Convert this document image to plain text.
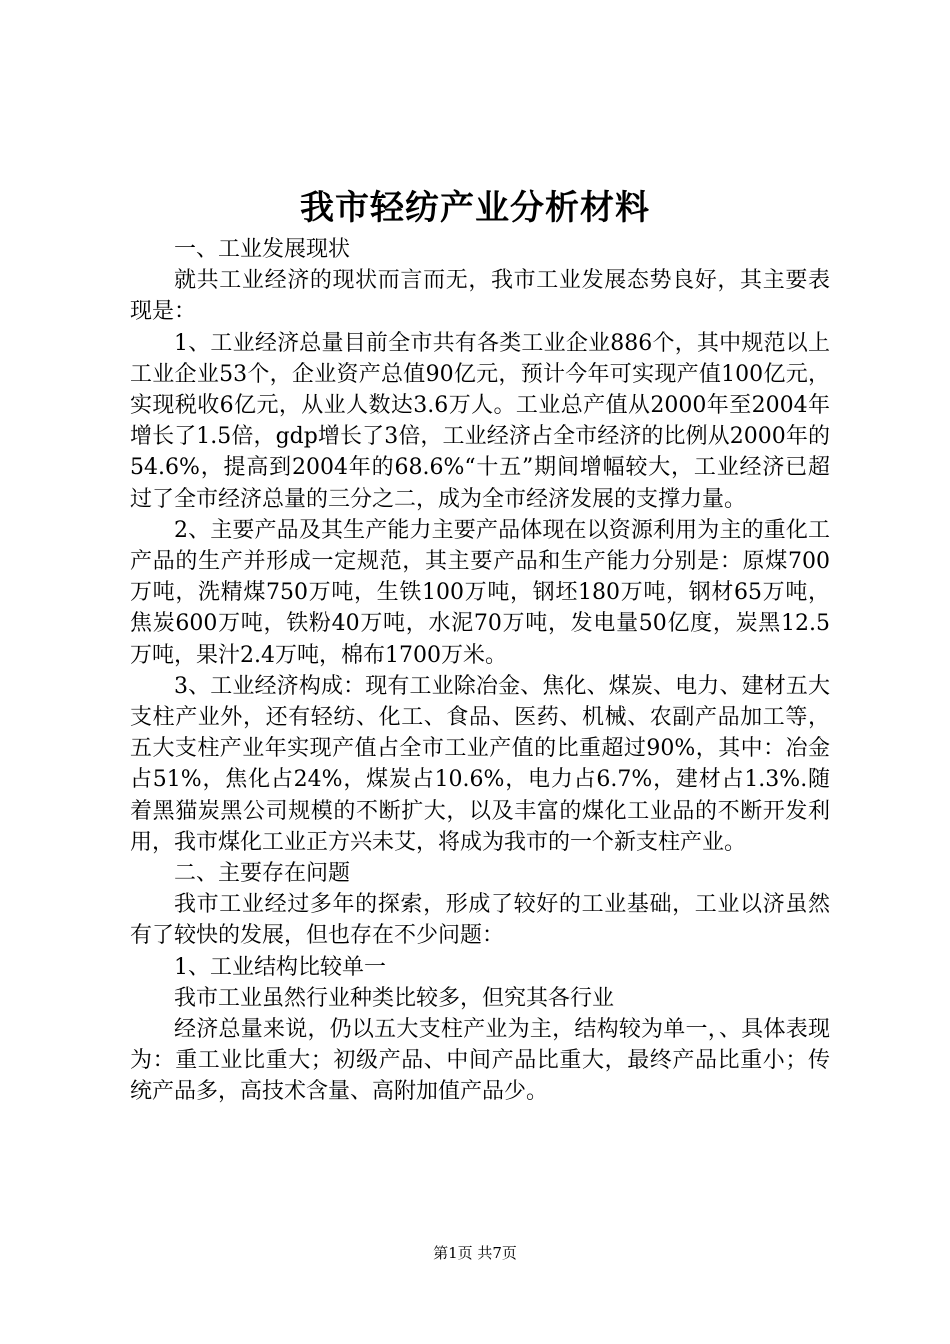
我市轻纺产业分析材料

一、工业发展现状

就共工业经济的现状而言而无，我市工业发展态势良好，其主要表现是：

1、工业经济总量目前全市共有各类工业企业886个，其中规范以上工业企业53个，企业资产总值90亿元，预计今年可实现产值100亿元，实现税收6亿元，从业人数达3.6万人。工业总产值从2000年至2004年增长了1.5倍，gdp增长了3倍，工业经济占全市经济的比例从2000年的54.6%，提高到2004年的68.6%“十五”期间增幅较大，工业经济已超过了全市经济总量的三分之二，成为全市经济发展的支撑力量。

2、主要产品及其生产能力主要产品体现在以资源利用为主的重化工产品的生产并形成一定规范，其主要产品和生产能力分别是：原煤700万吨，洗精煤750万吨，生铁100万吨，钢坯180万吨，钢材65万吨，焦炭600万吨，铁粉40万吨，水泥70万吨，发电量50亿度，炭黑12.5万吨，果汁2.4万吨，棉布1700万米。

3、工业经济构成：现有工业除冶金、焦化、煤炭、电力、建材五大支柱产业外，还有轻纺、化工、食品、医药、机械、农副产品加工等，五大支柱产业年实现产值占全市工业产值的比重超过90%，其中：冶金占51%，焦化占24%，煤炭占10.6%，电力占6.7%，建材占1.3%.随着黑猫炭黑公司规模的不断扩大，以及丰富的煤化工业品的不断开发利用，我市煤化工业正方兴未艾，将成为我市的一个新支柱产业。

二、主要存在问题

我市工业经过多年的探索，形成了较好的工业基础，工业以济虽然有了较快的发展，但也存在不少问题：

1、工业结构比较单一

我市工业虽然行业种类比较多，但究其各行业

经济总量来说，仍以五大支柱产业为主，结构较为单一，、具体表现为：重工业比重大；初级产品、中间产品比重大，最终产品比重小；传统产品多，高技术含量、高附加值产品少。

第1页 共7页
